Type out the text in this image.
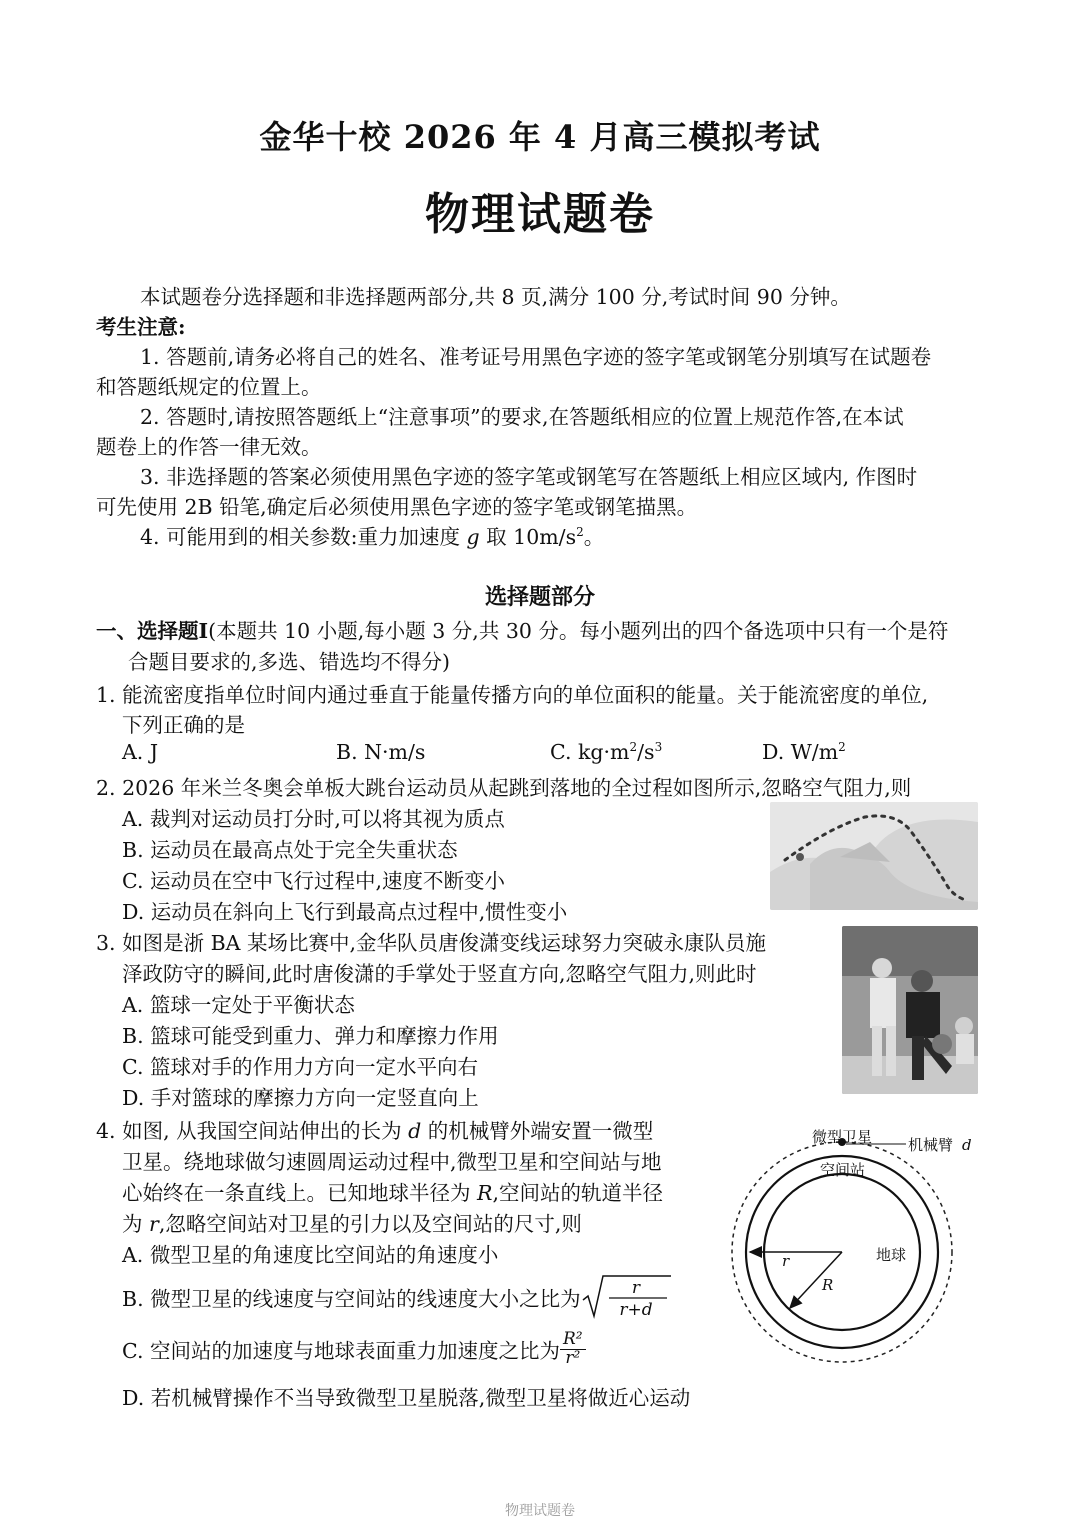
金华十校 2026 年 4 月高三模拟考试
物理试题卷
本试题卷分选择题和非选择题两部分,共 8 页,满分 100 分,考试时间 90 分钟。
考生注意:
1. 答题前,请务必将自己的姓名、准考证号用黑色字迹的签字笔或钢笔分别填写在试题卷
和答题纸规定的位置上。
2. 答题时,请按照答题纸上“注意事项”的要求,在答题纸相应的位置上规范作答,在本试
题卷上的作答一律无效。
3. 非选择题的答案必须使用黑色字迹的签字笔或钢笔写在答题纸上相应区域内, 作图时
可先使用 2B 铅笔,确定后必须使用黑色字迹的签字笔或钢笔描黑。
4. 可能用到的相关参数:重力加速度 g 取 $10m/s^2$。
选择题部分
一、选择题Ⅰ(本题共 10 小题,每小题 3 分,共 30 分。每小题列出的四个备选项中只有一个是符
合题目要求的,多选、错选均不得分)
1. 能流密度指单位时间内通过垂直于能量传播方向的单位面积的能量。关于能流密度的单位,
下列正确的是
A. J	B. N·m/s	C. $kg\cdot m^2/s^3$	D. $W/m^2$
2. 2026 年米兰冬奥会单板大跳台运动员从起跳到落地的全过程如图所示,忽略空气阻力,则
A. 裁判对运动员打分时,可以将其视为质点
B. 运动员在最高点处于完全失重状态
C. 运动员在空中飞行过程中,速度不断变小
D. 运动员在斜向上飞行到最高点过程中,惯性变小
3. 如图是浙 BA 某场比赛中,金华队员唐俊潇变线运球努力突破永康队员施
泽政防守的瞬间,此时唐俊潇的手掌处于竖直方向,忽略空气阻力,则此时
A. 篮球一定处于平衡状态
B. 篮球可能受到重力、弹力和摩擦力作用
C. 篮球对手的作用力方向一定水平向右
D. 手对篮球的摩擦力方向一定竖直向上
4. 如图, 从我国空间站伸出的长为 d 的机械臂外端安置一微型
卫星。绕地球做匀速圆周运动过程中,微型卫星和空间站与地
心始终在一条直线上。已知地球半径为 R,空间站的轨道半径
为 r,忽略空间站对卫星的引力以及空间站的尺寸,则
A. 微型卫星的角速度比空间站的角速度小
B. 微型卫星的线速度与空间站的线速度大小之比为	r
r+d
C. 空间站的加速度与地球表面重力加速度之比为 $\frac{\text{R²}}{\text{r²}}$
D. 若机械臂操作不当导致微型卫星脱落,微型卫星将做近心运动
微型卫星 机械臂 d
空间站
地球
r
R
物理试题卷
